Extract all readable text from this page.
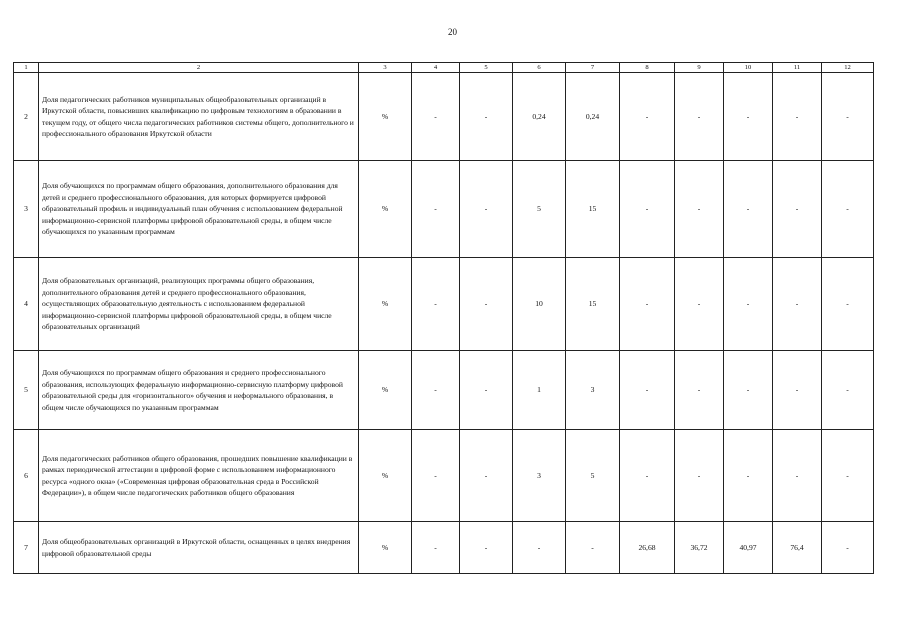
20
1	2	3	4	5	6	7	8	9	10	11	12
2	Доля педагогических работников муниципальных общеобразовательных организаций в Иркутской области, повысивших квалификацию по цифровым технологиям в образовании в текущем году, от общего числа педагогических работников системы общего, дополнительного и профессионального образования Иркутской области	%	-	-	0,24	0,24	-	-	-	-	-
3	Доля обучающихся по программам общего образования, дополнительного образования для детей и среднего профессионального образования, для которых формируется цифровой образовательный профиль и индивидуальный план обучения с использованием федеральной информационно-сервисной платформы цифровой образовательной среды, в общем числе обучающихся по указанным программам	%	-	-	5	15	-	-	-	-	-
4	Доля образовательных организаций, реализующих программы общего образования, дополнительного образования детей и среднего профессионального образования, осуществляющих образовательную деятельность с использованием федеральной информационно-сервисной платформы цифровой образовательной среды, в общем числе образовательных организаций	%	-	-	10	15	-	-	-	-	-
5	Доля обучающихся по программам общего образования и среднего профессионального образования, использующих федеральную информационно-сервисную платформу цифровой образовательной среды для «горизонтального» обучения и неформального образования, в общем числе обучающихся по указанным программам	%	-	-	1	3	-	-	-	-	-
6	Доля педагогических работников общего образования, прошедших повышение квалификации в рамках периодической аттестации в цифровой форме с использованием информационного ресурса «одного окна» («Современная цифровая образовательная среда в Российской Федерации»), в общем числе педагогических работников общего образования	%	-	-	3	5	-	-	-	-	-
7	Доля общеобразовательных организаций в Иркутской области, оснащенных в целях внедрения цифровой образовательной среды	%	-	-	-	-	26,68	36,72	40,97	76,4	-
